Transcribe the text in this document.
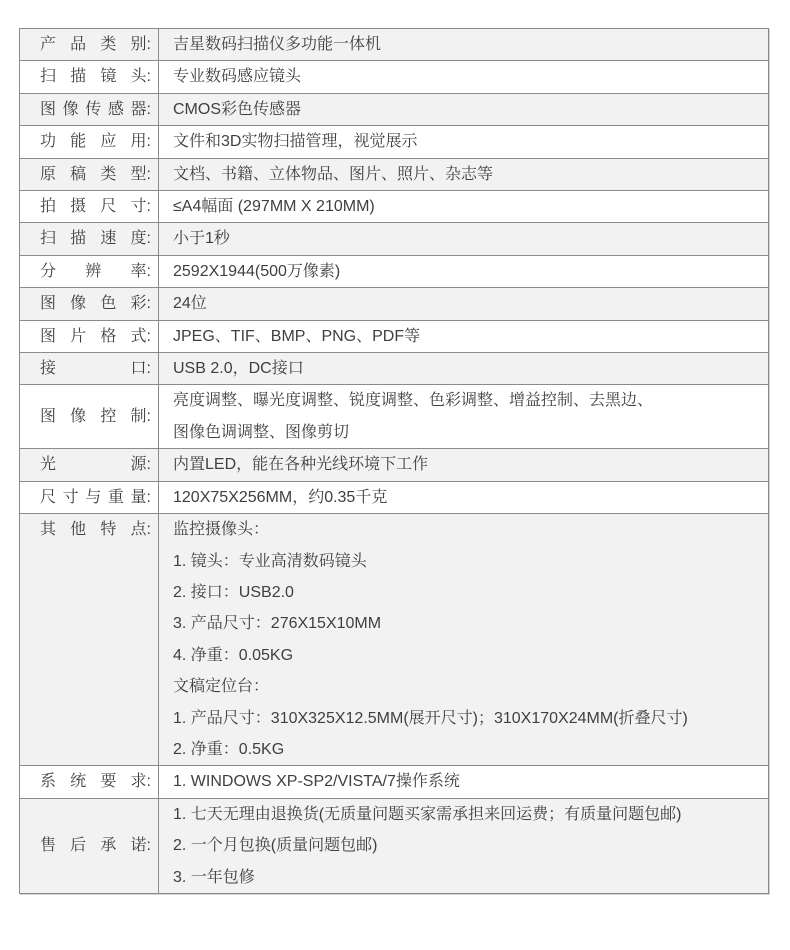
产 品 类 别: 吉星数码扫描仪多功能一体机

扫 描 镜 头: 专业数码感应镜头

图 像 传 感 器: CMOS彩色传感器

功 能 应 用: 文件和3D实物扫描管理，视觉展示

原 稿 类 型: 文档、书籍、立体物品、图片、照片、杂志等

拍 摄 尺 寸: ≤A4幅面 (297MM X 210MM)

扫 描 速 度: 小于1秒

分 辨 率: 2592X1944(500万像素)

图 像 色 彩: 24位

图 片 格 式: JPEG、TIF、BMP、PNG、PDF等

接	口: USB 2.0，DC接口

图 像 控 制:

亮度调整、曝光度调整、锐度调整、色彩调整、增益控制、去黑边、

图像色调调整、图像剪切

光	源: 内置LED，能在各种光线环境下工作

尺 寸 与 重 量: 120X75X256MM，约0.35千克

其 他 特 点: 监控摄像头：

1. 镜头：专业高清数码镜头

2. 接口：USB2.0

3. 产品尺寸：276X15X10MM

4. 净重：0.05KG

文稿定位台：

1. 产品尺寸：310X325X12.5MM(展开尺寸)；310X170X24MM(折叠尺寸)

2. 净重：0.5KG

系 统 要 求: 1. WINDOWS XP-SP2/VISTA/7操作系统

售 后 承 诺:

1. 七天无理由退换货(无质量问题买家需承担来回运费；有质量问题包邮)

2. 一个月包换(质量问题包邮)

3. 一年包修
